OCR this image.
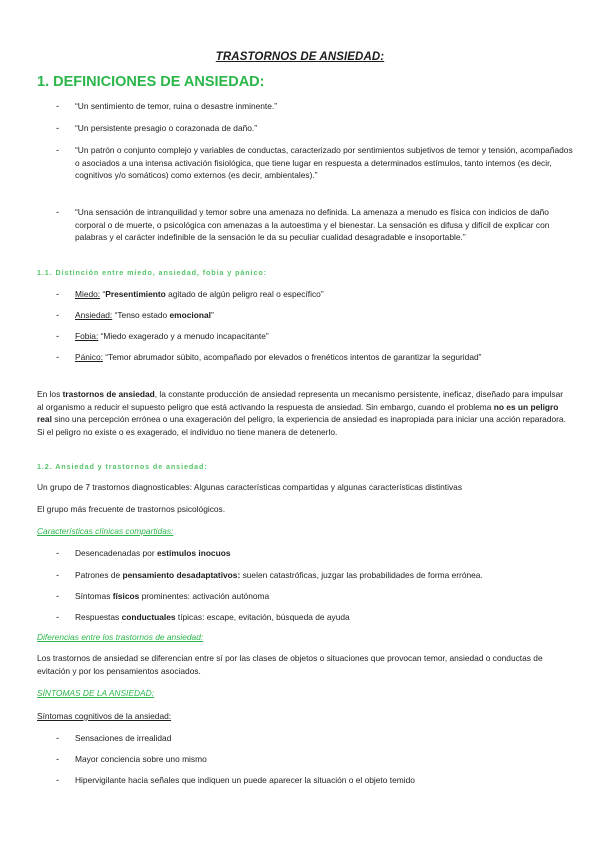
TRASTORNOS DE ANSIEDAD:
1. DEFINICIONES DE ANSIEDAD:
- “Un sentimiento de temor, ruina o desastre inminente.”
- “Un persistente presagio o corazonada de daño.”
- “Un patrón o conjunto complejo y variables de conductas, caracterizado por sentimientos subjetivos de temor y tensión, acompañados o asociados a una intensa activación fisiológica, que tiene lugar en respuesta a determinados estímulos, tanto internos (es decir, cognitivos y/o somáticos) como externos (es decir, ambientales).”
- “Una sensación de intranquilidad y temor sobre una amenaza no definida. La amenaza a menudo es física con indicios de daño corporal o de muerte, o psicológica con amenazas a la autoestima y el bienestar. La sensación es difusa y difícil de explicar con palabras y el carácter indefinible de la sensación le da su peculiar cualidad desagradable e insoportable.”
1.1. Distinción entre miedo, ansiedad, fobia y pánico:
- Miedo: “Presentimiento agitado de algún peligro real o específico”
- Ansiedad: “Tenso estado emocional”
- Fobia: “Miedo exagerado y a menudo incapacitante”
- Pánico: “Temor abrumador súbito, acompañado por elevados o frenéticos intentos de garantizar la seguridad”
En los trastornos de ansiedad, la constante producción de ansiedad representa un mecanismo persistente, ineficaz, diseñado para impulsar al organismo a reducir el supuesto peligro que está activando la respuesta de ansiedad. Sin embargo, cuando el problema no es un peligro real sino una percepción errónea o una exageración del peligro, la experiencia de ansiedad es inapropiada para iniciar una acción reparadora. Si el peligro no existe o es exagerado, el individuo no tiene manera de detenerlo.
1.2. Ansiedad y trastornos de ansiedad:
Un grupo de 7 trastornos diagnosticables: Algunas características compartidas y algunas características distintivas
El grupo más frecuente de trastornos psicológicos.
Características clínicas compartidas:
- Desencadenadas por estímulos inocuos
- Patrones de pensamiento desadaptativos: suelen catastróficas, juzgar las probabilidades de forma errónea.
- Síntomas físicos prominentes: activación autónoma
- Respuestas conductuales típicas: escape, evitación, búsqueda de ayuda
Diferencias entre los trastornos de ansiedad:
Los trastornos de ansiedad se diferencian entre sí por las clases de objetos o situaciones que provocan temor, ansiedad o conductas de evitación y por los pensamientos asociados.
SÍNTOMAS DE LA ANSIEDAD:
Síntomas cognitivos de la ansiedad:
- Sensaciones de irrealidad
- Mayor conciencia sobre uno mismo
- Hipervigilante hacia señales que indiquen un puede aparecer la situación o el objeto temido
